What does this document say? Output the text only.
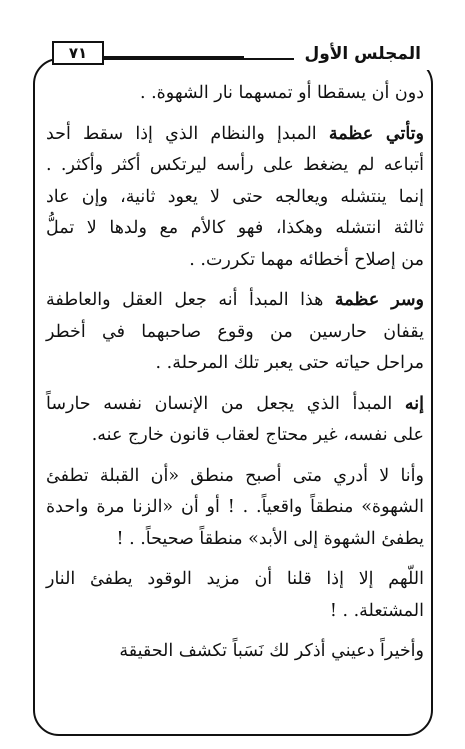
٧١	المجلس الأول

دون أن يسقطا أو تمسهما نار الشهوة. .

وتأتي عظمة المبدإ والنظام الذي إذا سقط أحد
أتباعه لم يضغط على رأسه ليرتكس أكثر وأكثر. .
إنما ينتشله ويعالجه حتى لا يعود ثانية، وإن عاد
ثالثة انتشله وهكذا، فهو كالأم مع ولدها لا تملُّ
من إصلاح أخطائه مهما تكررت. .

وسر عظمة هذا المبدأ أنه جعل العقل والعاطفة
يقفان حارسين من وقوع صاحبهما في أخطر
مراحل حياته حتى يعبر تلك المرحلة. .

إنه المبدأ الذي يجعل من الإنسان نفسه حارساً
على نفسه، غير محتاج لعقاب قانون خارج عنه.

وأنا لا أدري متى أصبح منطق «أن القبلة تطفئ
الشهوة» منطقاً واقعياً. . ! أو أن «الزنا مرة واحدة
يطفئ الشهوة إلى الأبد» منطقاً صحيحاً. . !

اللّهم إلا إذا قلنا أن مزيد الوقود يطفئ النار
المشتعلة. . !

وأخيراً دعيني أذكر لك نَسَباً تكشف الحقيقة
